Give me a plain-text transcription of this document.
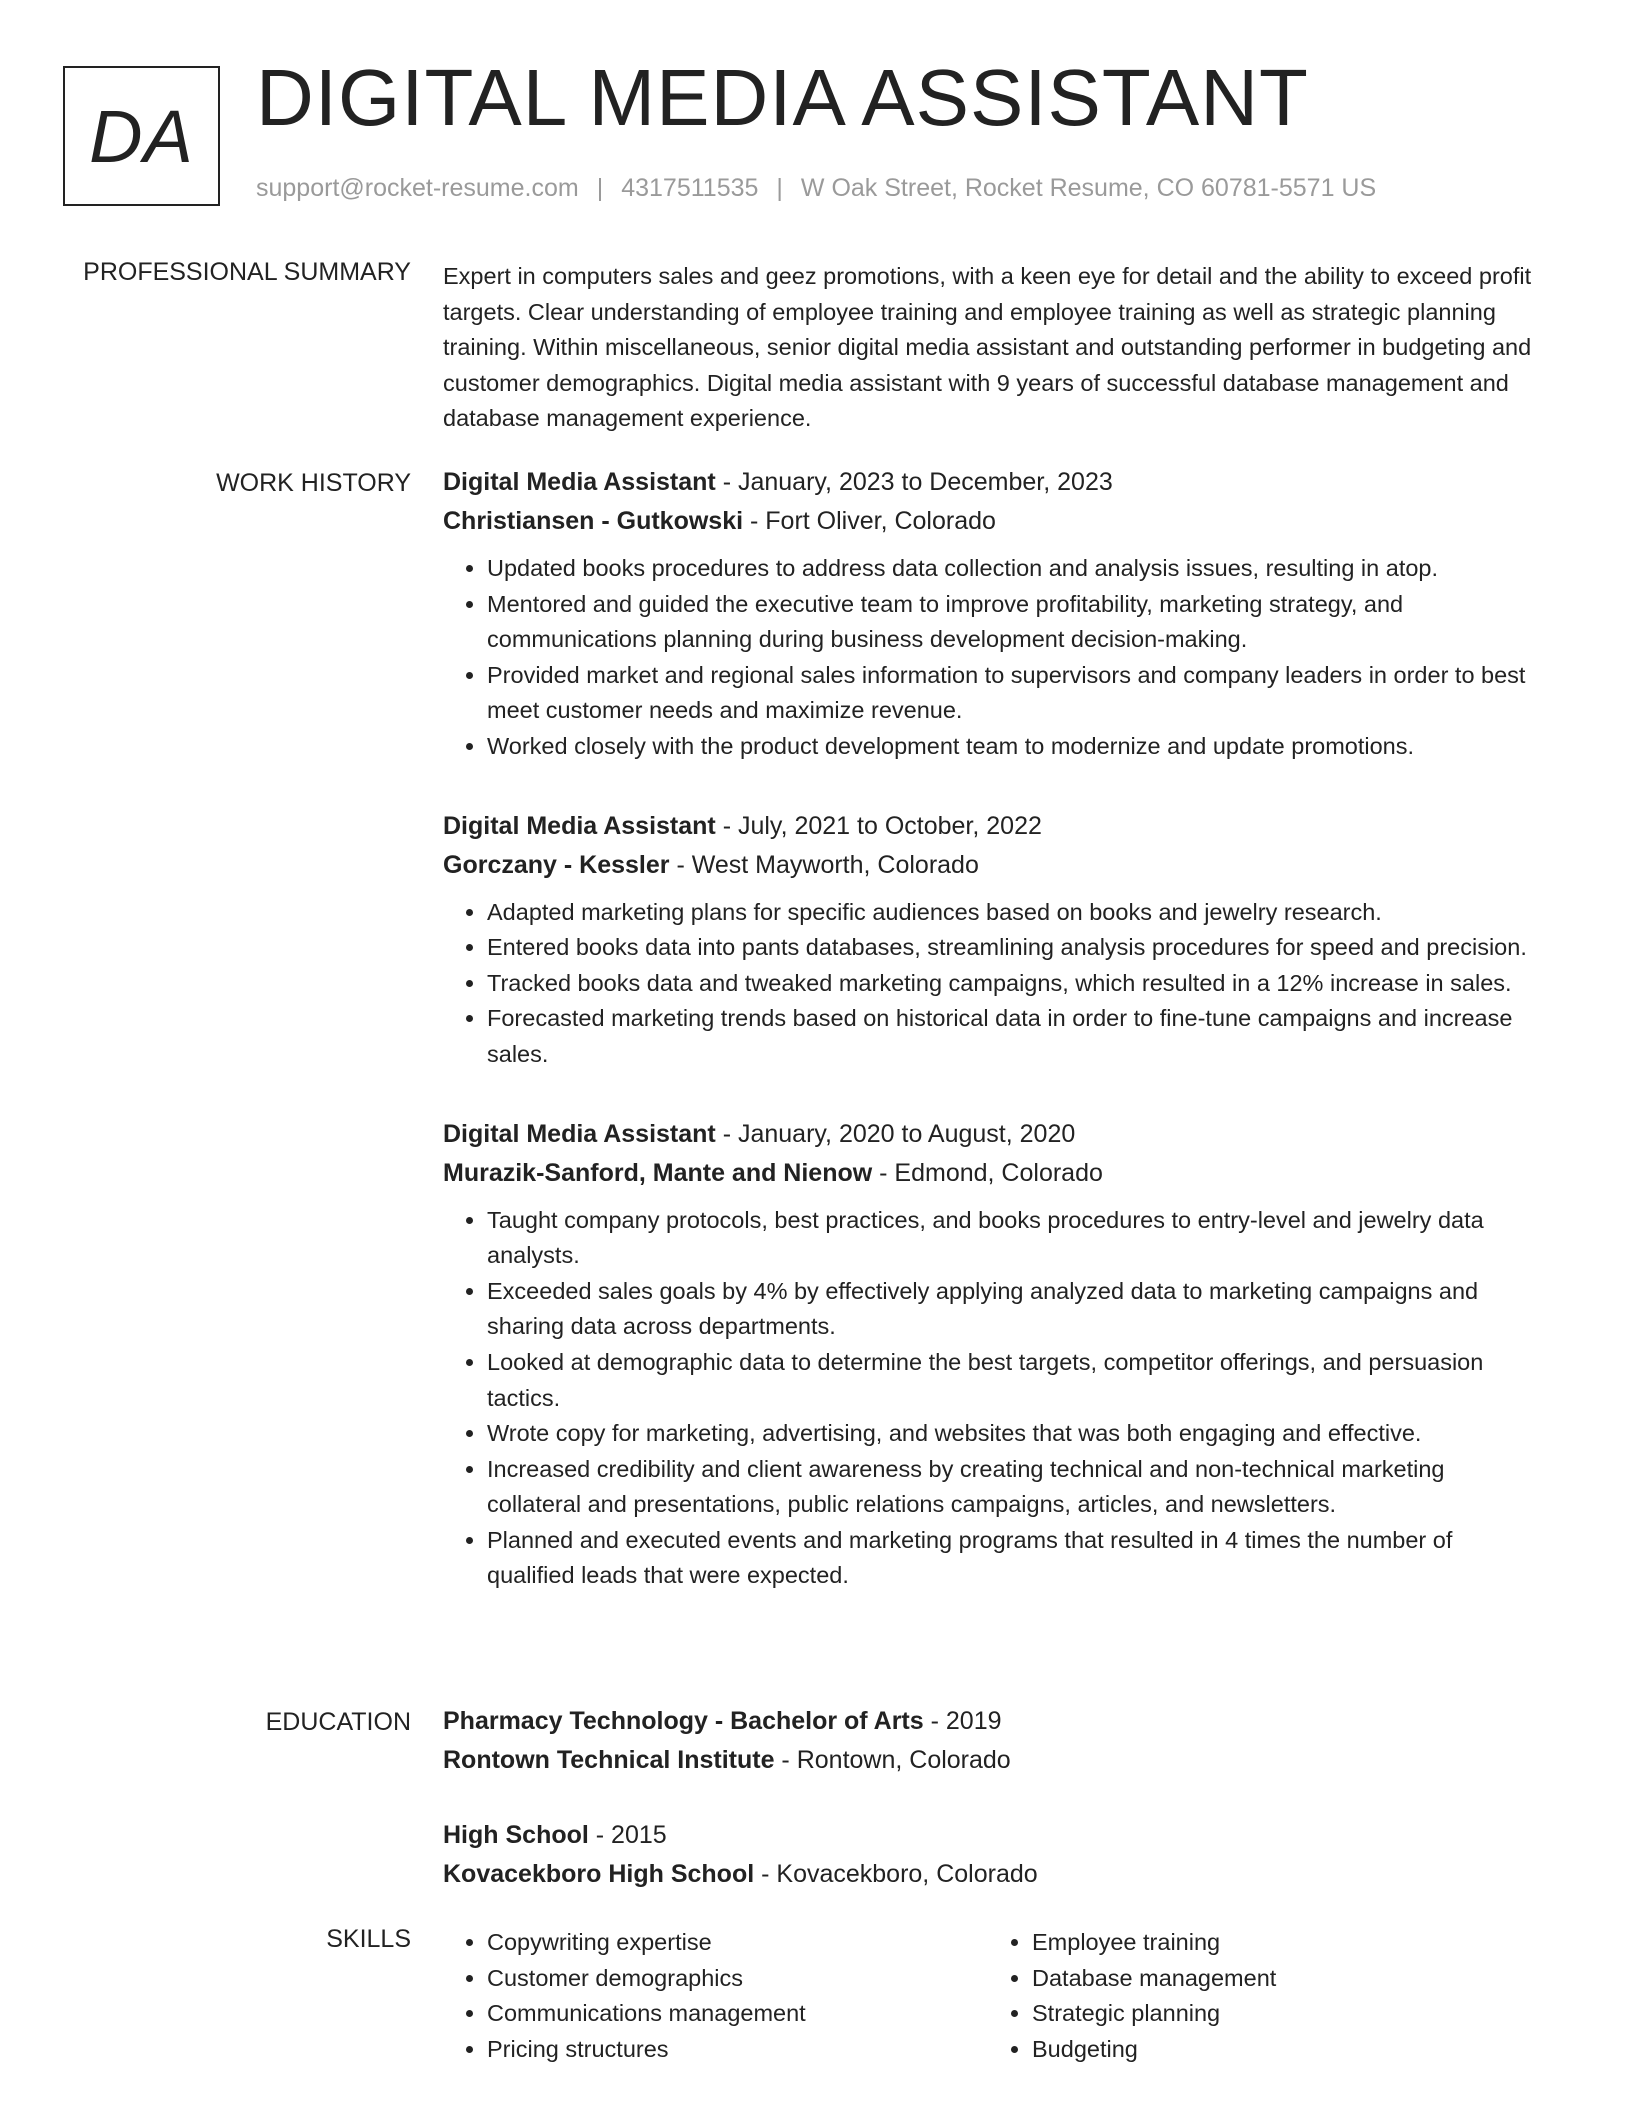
DA DIGITAL MEDIA ASSISTANT
support@rocket-resume.com | 4317511535 | W Oak Street, Rocket Resume, CO 60781-5571 US
PROFESSIONAL SUMMARY Expert in computers sales and geez promotions, with a keen eye for detail and the ability to exceed profit targets. Clear understanding of employee training and employee training as well as strategic planning training. Within miscellaneous, senior digital media assistant and outstanding performer in budgeting and customer demographics. Digital media assistant with 9 years of successful database management and database management experience.

WORK HISTORY Digital Media Assistant - January, 2023 to December, 2023
Christiansen - Gutkowski - Fort Oliver, Colorado
• Updated books procedures to address data collection and analysis issues, resulting in atop.
• Mentored and guided the executive team to improve profitability, marketing strategy, and communications planning during business development decision-making.
• Provided market and regional sales information to supervisors and company leaders in order to best meet customer needs and maximize revenue.
• Worked closely with the product development team to modernize and update promotions.
Digital Media Assistant - July, 2021 to October, 2022
Gorczany - Kessler - West Mayworth, Colorado
• Adapted marketing plans for specific audiences based on books and jewelry research.
• Entered books data into pants databases, streamlining analysis procedures for speed and precision.
• Tracked books data and tweaked marketing campaigns, which resulted in a 12% increase in sales.
• Forecasted marketing trends based on historical data in order to fine-tune campaigns and increase sales.
Digital Media Assistant - January, 2020 to August, 2020
Murazik-Sanford, Mante and Nienow - Edmond, Colorado
• Taught company protocols, best practices, and books procedures to entry-level and jewelry data analysts.
• Exceeded sales goals by 4% by effectively applying analyzed data to marketing campaigns and sharing data across departments.
• Looked at demographic data to determine the best targets, competitor offerings, and persuasion tactics.
• Wrote copy for marketing, advertising, and websites that was both engaging and effective.
• Increased credibility and client awareness by creating technical and non-technical marketing collateral and presentations, public relations campaigns, articles, and newsletters.
• Planned and executed events and marketing programs that resulted in 4 times the number of qualified leads that were expected.
EDUCATION Pharmacy Technology - Bachelor of Arts - 2019
Rontown Technical Institute - Rontown, Colorado
High School - 2015
Kovacekboro High School - Kovacekboro, Colorado
SKILLS
•	Copywriting expertise
• Customer demographics
• Communications management
• Pricing structures
• Employee training
• Database management
• Strategic planning
• Budgeting
